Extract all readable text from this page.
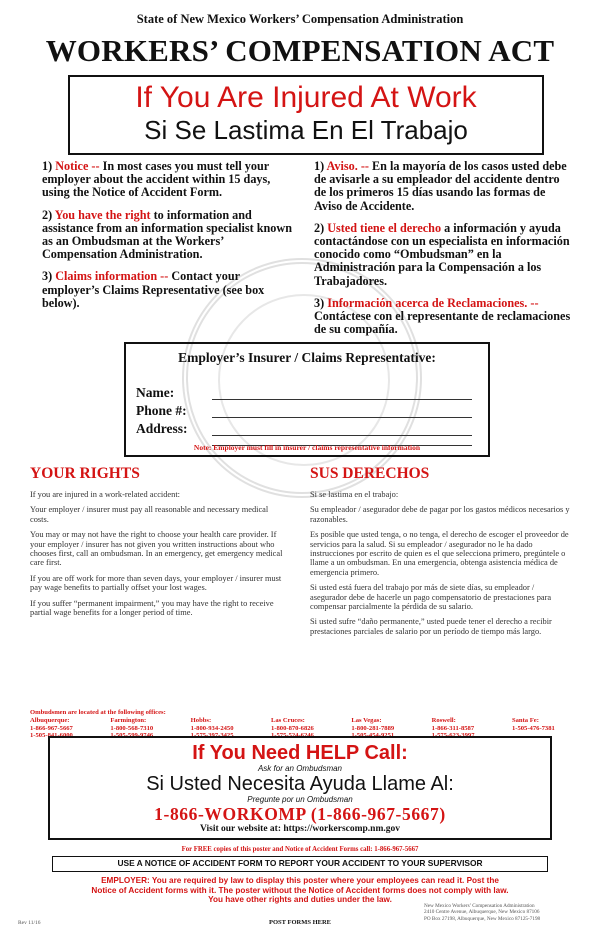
State of New Mexico Workers’ Compensation Administration
WORKERS’ COMPENSATION ACT
If You Are Injured At Work
Si Se Lastima En El Trabajo
1) Notice -- In most cases you must tell your employer about the accident within 15 days, using the Notice of Accident Form.
2) You have the right to information and assistance from an information specialist known as an Ombudsman at the Workers’ Compensation Administration.
3) Claims information -- Contact your employer’s Claims Representative (see box below).
1) Aviso. -- En la mayoría de los casos usted debe de avisarle a su empleador del accidente dentro de los primeros 15 días usando las formas de Aviso de Accidente.
2) Usted tiene el derecho a información y ayuda contactándose con un especialista en información conocido como “Ombudsman” en la Administración para la Compensación a los Trabajadores.
3) Información acerca de Reclamaciones. -- Contáctese con el representante de reclamaciones de su compañía.
Employer’s Insurer / Claims Representative:
Name:
Phone #:
Address:
Note: Employer must fill in insurer / claims representative information
YOUR RIGHTS

If you are injured in a work-related accident:

Your employer / insurer must pay all reasonable and necessary medical costs.

You may or may not have the right to choose your health care provider. If your employer / insurer has not given you written instructions about who chooses first, call an ombudsman. In an emergency, get emergency medical care first.

If you are off work for more than seven days, your employer / insurer must pay wage benefits to partially offset your lost wages.

If you suffer “permanent impairment,” you may have the right to receive partial wage benefits for a longer period of time.

SUS DERECHOS

Si se lastima en el trabajo:

Su empleador / asegurador debe de pagar por los gastos médicos necesarios y razonables.

Es posible que usted tenga, o no tenga, el derecho de escoger el proveedor de servicios para la salud. Si su empleador / asegurador no le ha dado instrucciones por escrito de quien es el que selecciona primero, pregúntele o llame a un ombudsman. En una emergencia, obtenga asistencia médica de emergencia primero.

Si usted está fuera del trabajo por más de siete días, su empleador / asegurador debe de hacerle un pago compensatorio de prestaciones para compensar parcialmente la pérdida de su salario.

Si usted sufre “daño permanente,” usted puede tener el derecho a recibir prestaciones parciales de salario por un período de tiempo más largo.

Ombudsmen are located at the following offices:
Albuquerque:
1-866-967-5667
1-505-841-6000
Farmington:
1-800-568-7310
1-505-599-9746
Hobbs:
1-800-934-2450
1-575-397-3425
Las Cruces:
1-800-870-6826
1-575-524-6246
Las Vegas:
1-800-281-7889
1-505-454-9251
Roswell:
1-866-311-8587
1-575-623-3997
Santa Fe:
1-505-476-7381
If You Need HELP Call:
Ask for an Ombudsman
Si Usted Necesita Ayuda Llame Al:
Pregunte por un Ombudsman
1-866-WORKOMP (1-866-967-5667)
Visit our website at: https://workerscomp.nm.gov
For FREE copies of this poster and Notice of Accident Forms call: 1-866-967-5667
USE A NOTICE OF ACCIDENT FORM TO REPORT YOUR ACCIDENT TO YOUR SUPERVISOR
EMPLOYER: You are required by law to display this poster where your employees can read it. Post the
Notice of Accident forms with it. The poster without the Notice of Accident forms does not comply with law.
You have other rights and duties under the law.
New Mexico Workers’ Compensation Administration
2410 Centre Avenue, Albuquerque, New Mexico 87106
PO Box 27198, Albuquerque, New Mexico 87125-7198
Rev 11/16	POST FORMS HERE
